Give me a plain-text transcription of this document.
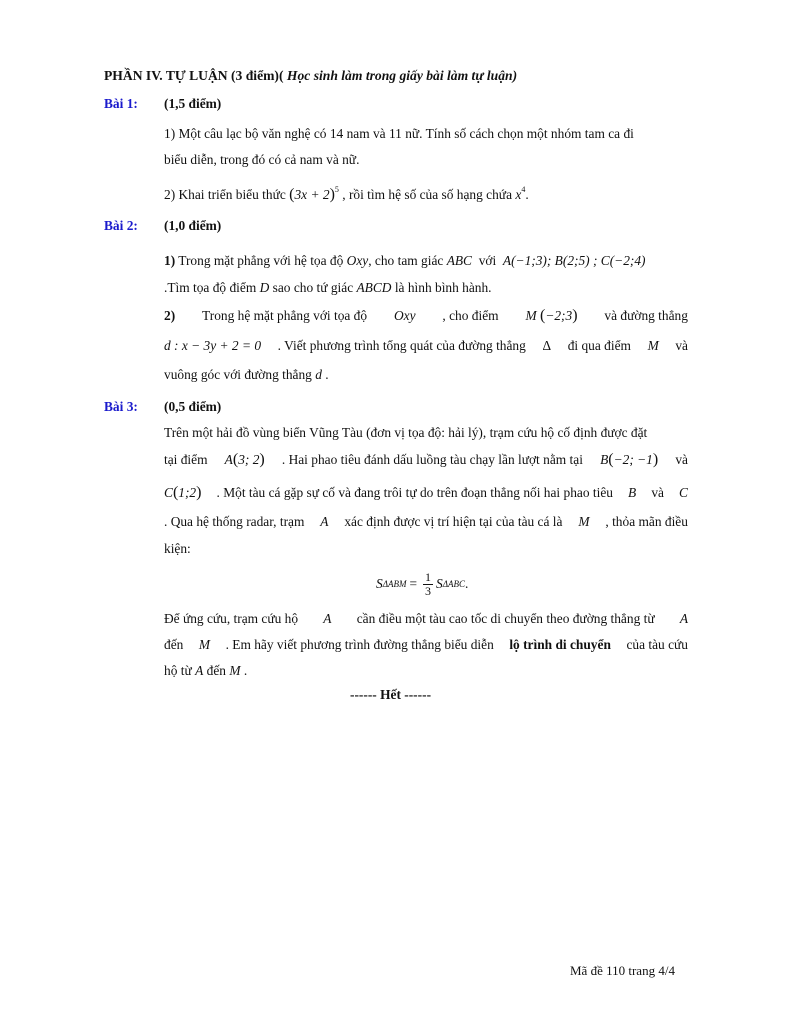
PHẦN IV. TỰ LUẬN (3 điểm)( Học sinh làm trong giấy bài làm tự luận)
Bài 1: (1,5 điểm)
1) Một câu lạc bộ văn nghệ có 14 nam và 11 nữ. Tính số cách chọn một nhóm tam ca đi
biểu diễn, trong đó có cả nam và nữ.
2) Khai triển biểu thức $(3x + 2)^5$ , rồi tìm hệ số của số hạng chứa $x^4$.
Bài 2: (1,0 điểm)
1) Trong mặt phẳng với hệ tọa độ Oxy, cho tam giác ABC với A(−1;3); B(2;5) ; C(−2;4)
.Tìm tọa độ điểm D sao cho tứ giác ABCD là hình bình hành.
2) Trong hệ mặt phẳng với tọa độ Oxy , cho điểm M (−2;3) và đường thẳng
d : x − 3y + 2 = 0 . Viết phương trình tổng quát của đường thẳng Δ đi qua điểm M và
vuông góc với đường thẳng d .
Bài 3: (0,5 điểm)
Trên một hải đồ vùng biển Vũng Tàu (đơn vị tọa độ: hải lý), trạm cứu hộ cố định được đặt
tại điểm A(3; 2) . Hai phao tiêu đánh dấu luồng tàu chạy lần lượt nằm tại B(−2; −1) và
C(1;2) . Một tàu cá gặp sự cố và đang trôi tự do trên đoạn thẳng nối hai phao tiêu B và C
. Qua hệ thống radar, trạm A xác định được vị trí hiện tại của tàu cá là M , thỏa mãn điều
kiện:
S $\Delta ABM = \frac{1}{3}$ S ΔABC .
Để ứng cứu, trạm cứu hộ A cần điều một tàu cao tốc di chuyển theo đường thẳng từ A
đến M . Em hãy viết phương trình đường thẳng biểu diễn lộ trình di chuyển của tàu cứu
hộ từ A đến M .
------ Hết ------
Mã đề 110 trang 4/4
